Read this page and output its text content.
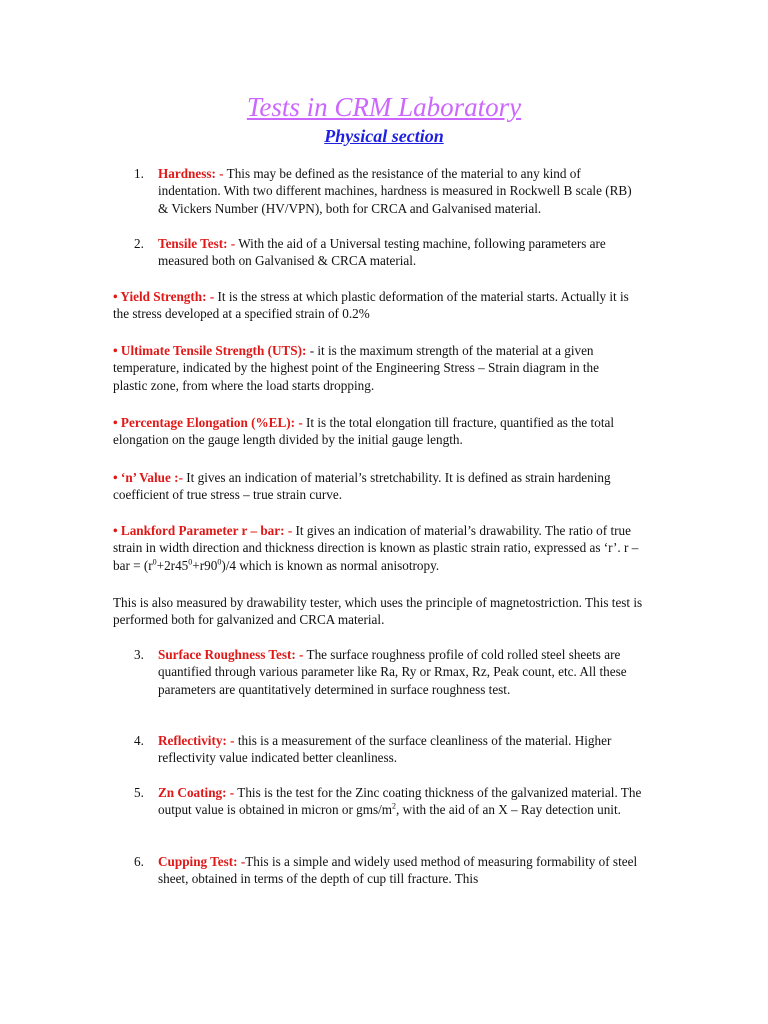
Tests in CRM Laboratory
Physical section
1. Hardness: - This may be defined as the resistance of the material to any kind of indentation. With two different machines, hardness is measured in Rockwell B scale (RB) & Vickers Number (HV/VPN), both for CRCA and Galvanised material.
2. Tensile Test: - With the aid of a Universal testing machine, following parameters are measured both on Galvanised & CRCA material.
• Yield Strength: - It is the stress at which plastic deformation of the material starts. Actually it is the stress developed at a specified strain of 0.2%
• Ultimate Tensile Strength (UTS): - it is the maximum strength of the material at a given temperature, indicated by the highest point of the Engineering Stress – Strain diagram in the plastic zone, from where the load starts dropping.
• Percentage Elongation (%EL): - It is the total elongation till fracture, quantified as the total elongation on the gauge length divided by the initial gauge length.
• ‘n’ Value :- It gives an indication of material’s stretchability. It is defined as strain hardening coefficient of true stress – true strain curve.
• Lankford Parameter r – bar: - It gives an indication of material’s drawability. The ratio of true strain in width direction and thickness direction is known as plastic strain ratio, expressed as ‘r’. r – bar = $(r^0+2r45^0+r90^0)/4$ which is known as normal anisotropy.
This is also measured by drawability tester, which uses the principle of magnetostriction. This test is performed both for galvanized and CRCA material.
3. Surface Roughness Test: - The surface roughness profile of cold rolled steel sheets are quantified through various parameter like Ra, Ry or Rmax, Rz, Peak count, etc. All these parameters are quantitatively determined in surface roughness test.
4. Reflectivity: - this is a measurement of the surface cleanliness of the material. Higher reflectivity value indicated better cleanliness.
5. Zn Coating: - This is the test for the Zinc coating thickness of the galvanized material. The output value is obtained in micron or gms/$m^2$, with the aid of an X – Ray detection unit.
6. Cupping Test: -This is a simple and widely used method of measuring formability of steel sheet, obtained in terms of the depth of cup till fracture. This
